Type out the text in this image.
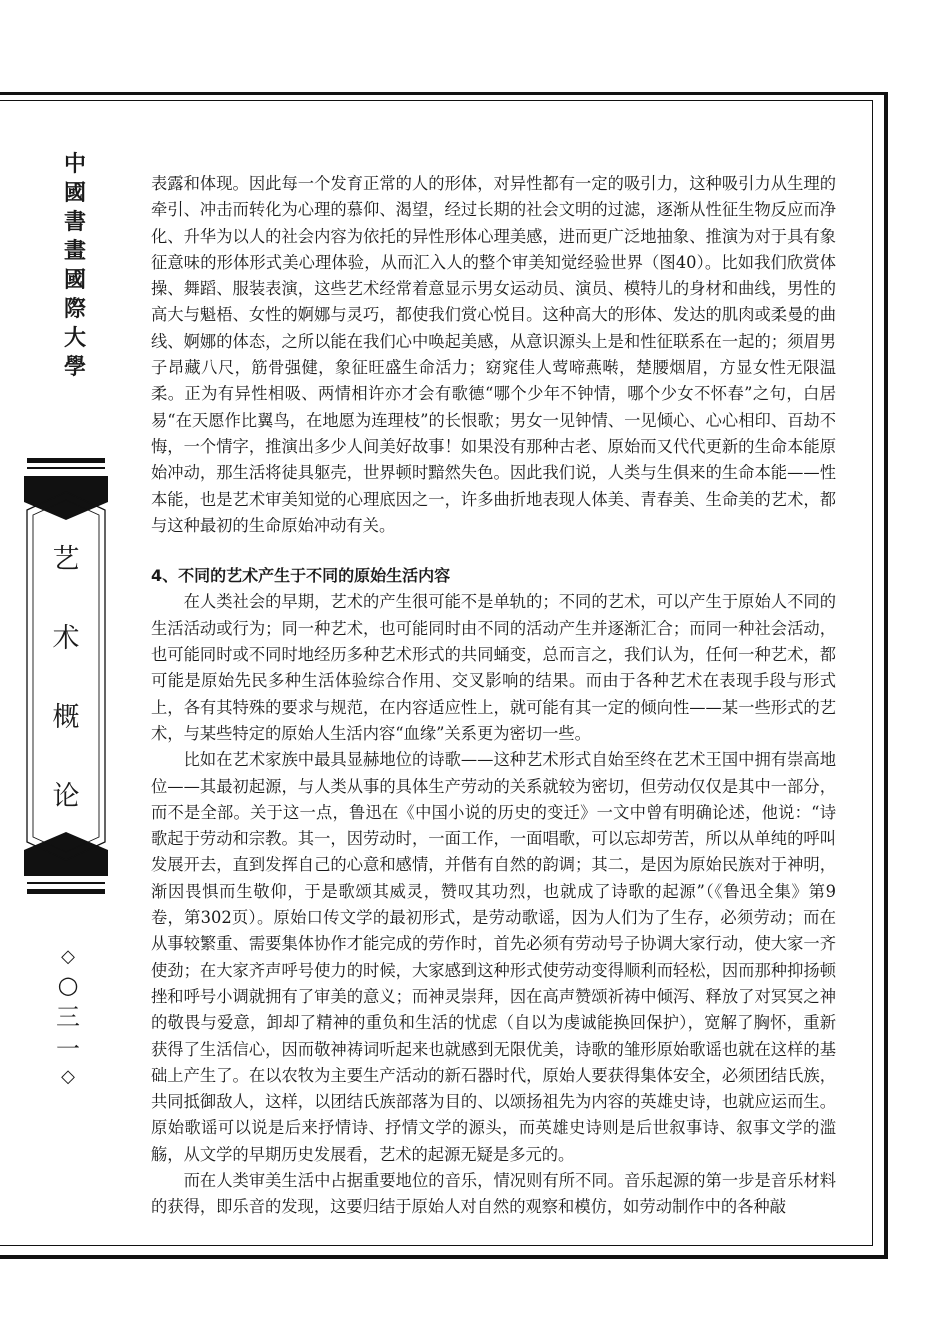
中
國
書
畫
國
際
大
學
艺
术
概
论
◇
○
三
一
◇

表露和体现。因此每一个发育正常的人的形体，对异性都有一定的吸引力，这种吸引力从生理的牵引、冲击而转化为心理的慕仰、渴望，经过长期的社会文明的过滤，逐渐从性征生物反应而净化、升华为以人的社会内容为依托的异性形体心理美感，进而更广泛地抽象、推演为对于具有象征意味的形体形式美心理体验，从而汇入人的整个审美知觉经验世界（图40）。比如我们欣赏体操、舞蹈、服装表演，这些艺术经常着意显示男女运动员、演员、模特儿的身材和曲线，男性的高大与魁梧、女性的婀娜与灵巧，都使我们赏心悦目。这种高大的形体、发达的肌肉或柔曼的曲线、婀娜的体态，之所以能在我们心中唤起美感，从意识源头上是和性征联系在一起的；须眉男子昂藏八尺，筋骨强健，象征旺盛生命活力；窈窕佳人莺啼燕啭，楚腰烟眉，方显女性无限温柔。正为有异性相吸、两情相许亦才会有歌德“哪个少年不钟情，哪个少女不怀春”之句，白居易“在天愿作比翼鸟，在地愿为连理枝”的长恨歌；男女一见钟情、一见倾心、心心相印、百劫不悔，一个情字，推演出多少人间美好故事！如果没有那种古老、原始而又代代更新的生命本能原始冲动，那生活将徒具躯壳，世界顿时黯然失色。因此我们说，人类与生俱来的生命本能——性本能，也是艺术审美知觉的心理底因之一，许多曲折地表现人体美、青春美、生命美的艺术，都与这种最初的生命原始冲动有关。

4、不同的艺术产生于不同的原始生活内容

在人类社会的早期，艺术的产生很可能不是单轨的；不同的艺术，可以产生于原始人不同的生活活动或行为；同一种艺术，也可能同时由不同的活动产生并逐渐汇合；而同一种社会活动，也可能同时或不同时地经历多种艺术形式的共同蛹变，总而言之，我们认为，任何一种艺术，都可能是原始先民多种生活体验综合作用、交叉影响的结果。而由于各种艺术在表现手段与形式上，各有其特殊的要求与规范，在内容适应性上，就可能有其一定的倾向性——某一些形式的艺术，与某些特定的原始人生活内容“血缘”关系更为密切一些。

比如在艺术家族中最具显赫地位的诗歌——这种艺术形式自始至终在艺术王国中拥有崇高地位——其最初起源，与人类从事的具体生产劳动的关系就较为密切，但劳动仅仅是其中一部分，而不是全部。关于这一点，鲁迅在《中国小说的历史的变迁》一文中曾有明确论述，他说：“诗歌起于劳动和宗教。其一，因劳动时，一面工作，一面唱歌，可以忘却劳苦，所以从单纯的呼叫发展开去，直到发挥自己的心意和感情，并偕有自然的韵调；其二，是因为原始民族对于神明，渐因畏惧而生敬仰，于是歌颂其威灵，赞叹其功烈，也就成了诗歌的起源”（《鲁迅全集》第9卷，第302页）。原始口传文学的最初形式，是劳动歌谣，因为人们为了生存，必须劳动；而在从事较繁重、需要集体协作才能完成的劳作时，首先必须有劳动号子协调大家行动，使大家一齐使劲；在大家齐声呼号使力的时候，大家感到这种形式使劳动变得顺利而轻松，因而那种抑扬顿挫和呼号小调就拥有了审美的意义；而神灵崇拜，因在高声赞颂祈祷中倾泻、释放了对冥冥之神的敬畏与爱意，卸却了精神的重负和生活的忧虑（自以为虔诚能换回保护），宽解了胸怀，重新获得了生活信心，因而敬神祷词听起来也就感到无限优美，诗歌的雏形原始歌谣也就在这样的基础上产生了。在以农牧为主要生产活动的新石器时代，原始人要获得集体安全，必须团结氏族，共同抵御敌人，这样，以团结氏族部落为目的、以颂扬祖先为内容的英雄史诗，也就应运而生。原始歌谣可以说是后来抒情诗、抒情文学的源头，而英雄史诗则是后世叙事诗、叙事文学的滥觞，从文学的早期历史发展看，艺术的起源无疑是多元的。

而在人类审美生活中占据重要地位的音乐，情况则有所不同。音乐起源的第一步是音乐材料的获得，即乐音的发现，这要归结于原始人对自然的观察和模仿，如劳动制作中的各种敲
